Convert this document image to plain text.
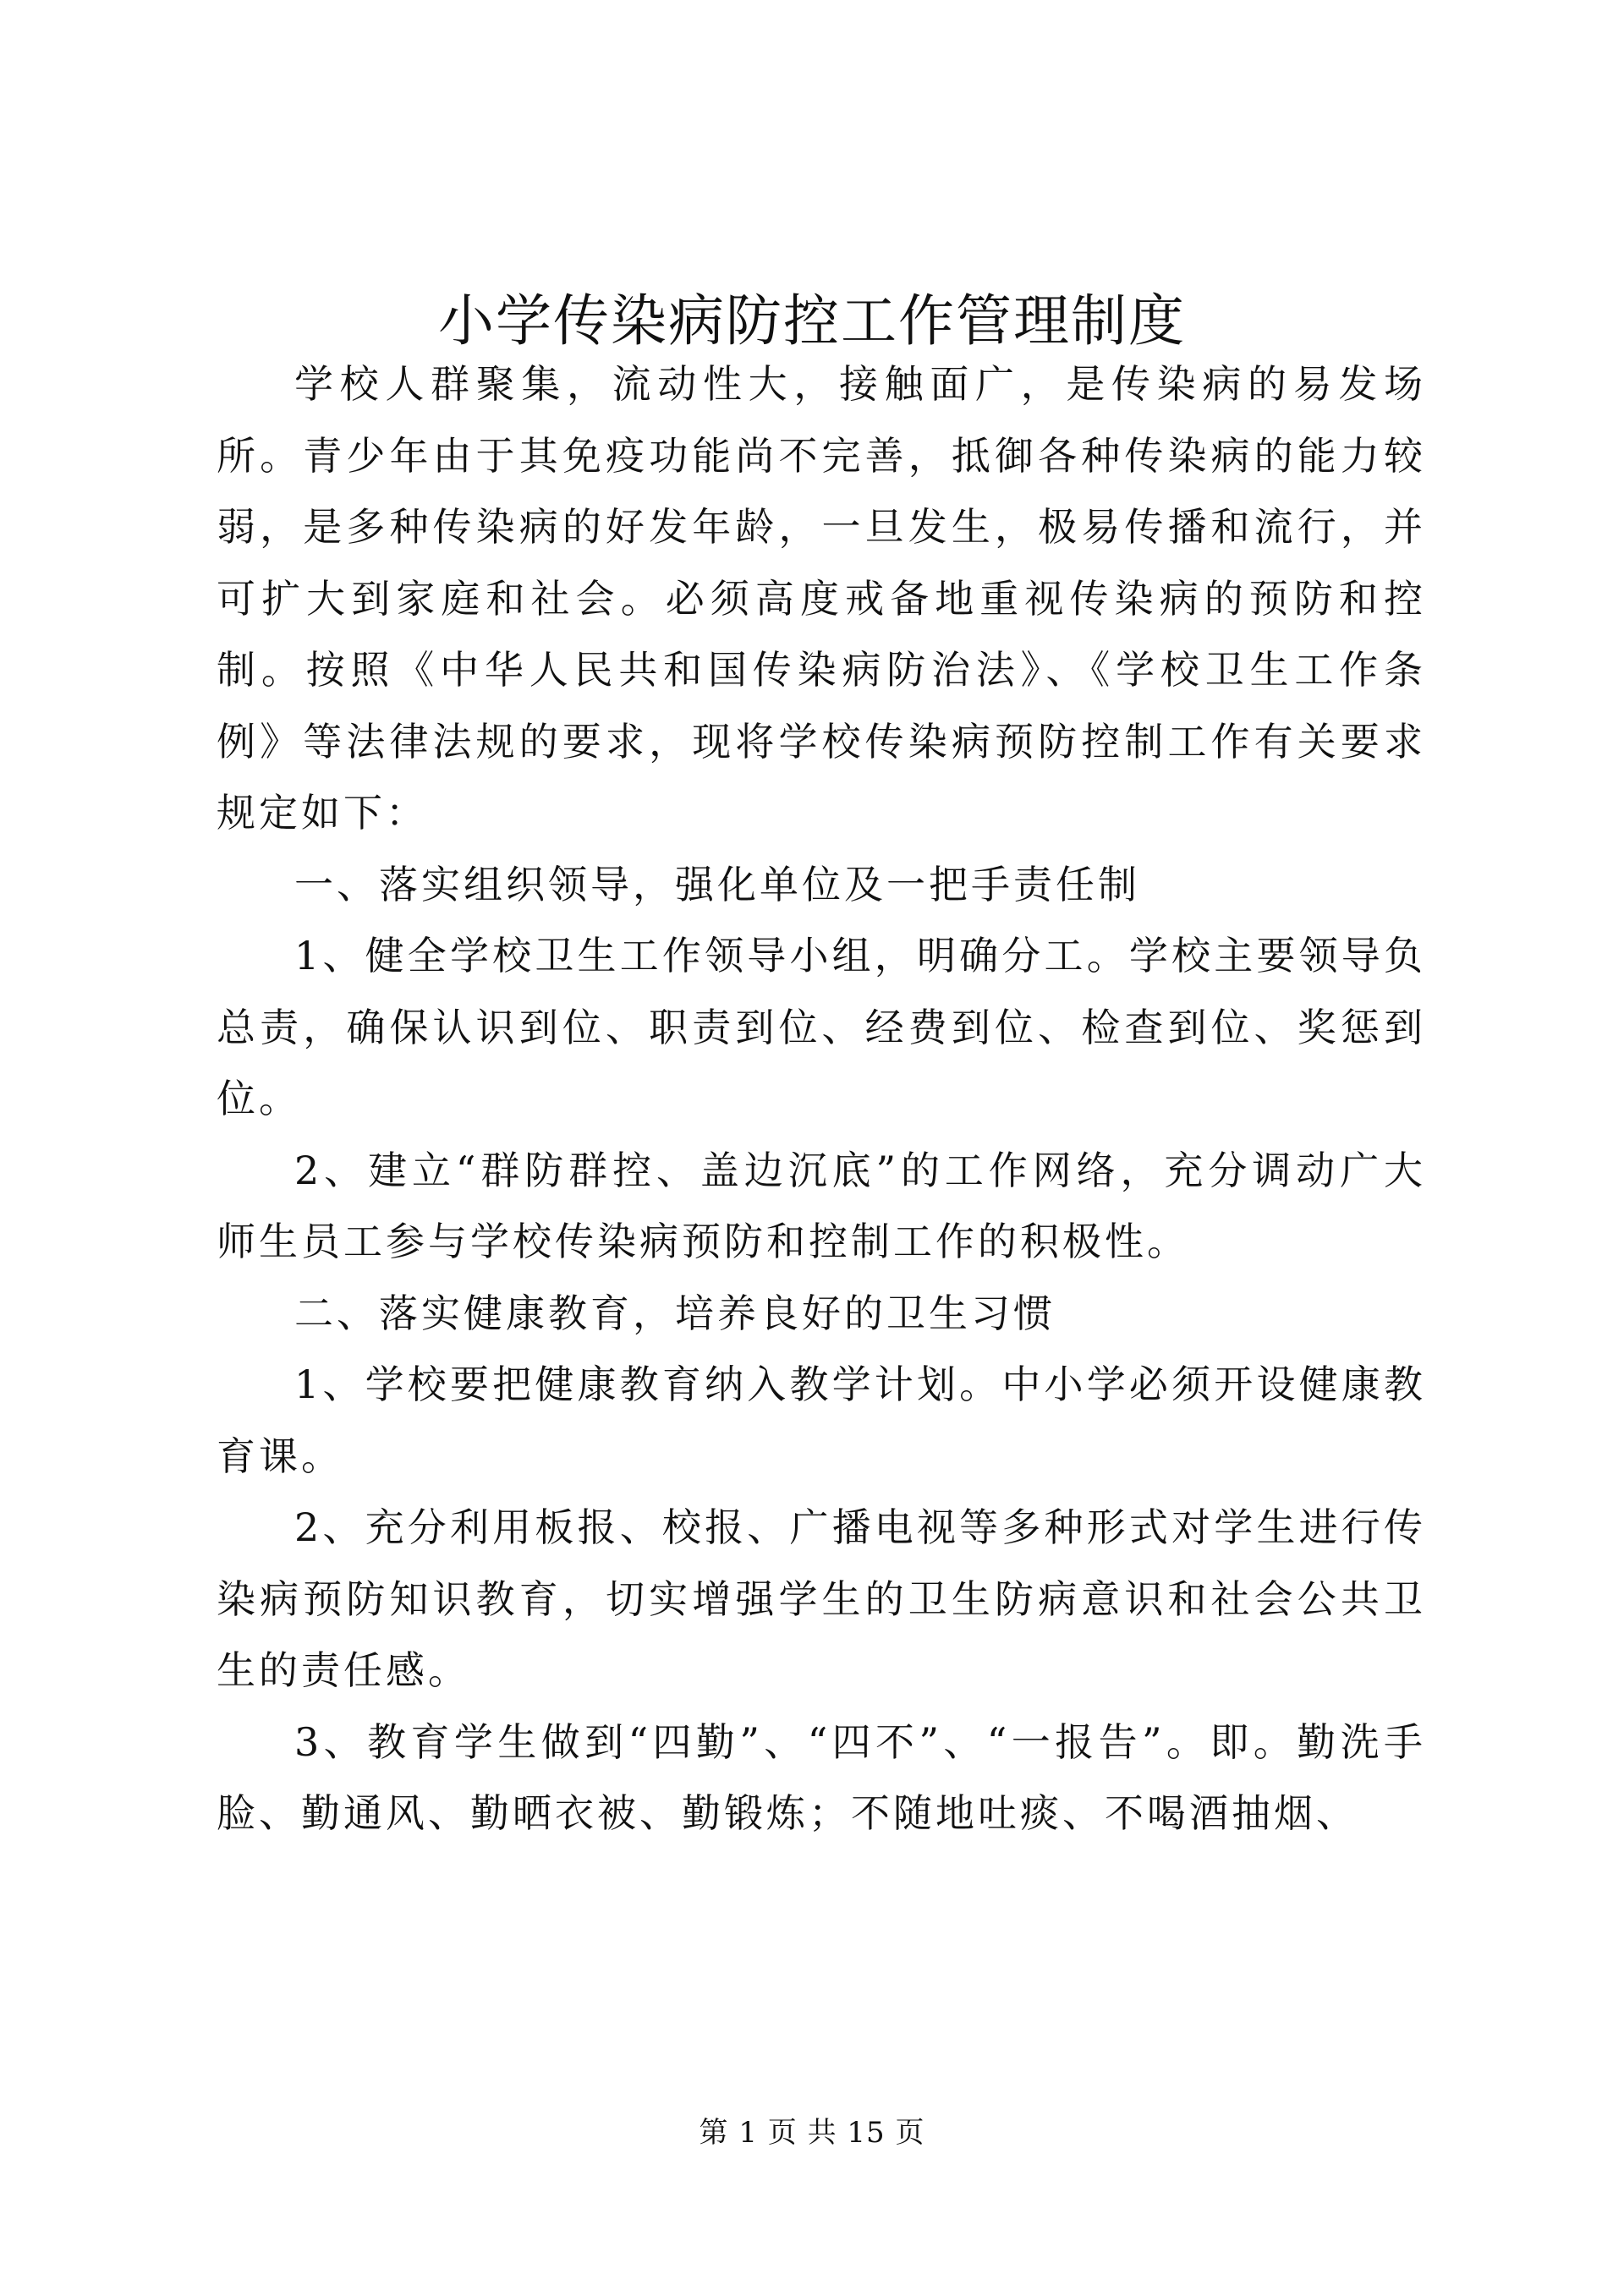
小学传染病防控工作管理制度

学校人群聚集，流动性大，接触面广，是传染病的易发场所。青少年由于其免疫功能尚不完善，抵御各种传染病的能力较弱，是多种传染病的好发年龄，一旦发生，极易传播和流行，并可扩大到家庭和社会。必须高度戒备地重视传染病的预防和控制。按照《中华人民共和国传染病防治法》、《学校卫生工作条例》等法律法规的要求，现将学校传染病预防控制工作有关要求规定如下：

一、落实组织领导，强化单位及一把手责任制

1、健全学校卫生工作领导小组，明确分工。学校主要领导负总责，确保认识到位、职责到位、经费到位、检查到位、奖惩到位。

2、建立“群防群控、盖边沉底”的工作网络，充分调动广大师生员工参与学校传染病预防和控制工作的积极性。

二、落实健康教育，培养良好的卫生习惯

1、学校要把健康教育纳入教学计划。中小学必须开设健康教育课。

2、充分利用板报、校报、广播电视等多种形式对学生进行传染病预防知识教育，切实增强学生的卫生防病意识和社会公共卫生的责任感。

3、教育学生做到“四勤”、“四不”、“一报告”。即。勤洗手脸、勤通风、勤晒衣被、勤锻炼；不随地吐痰、不喝酒抽烟、

第 1 页 共 15 页
